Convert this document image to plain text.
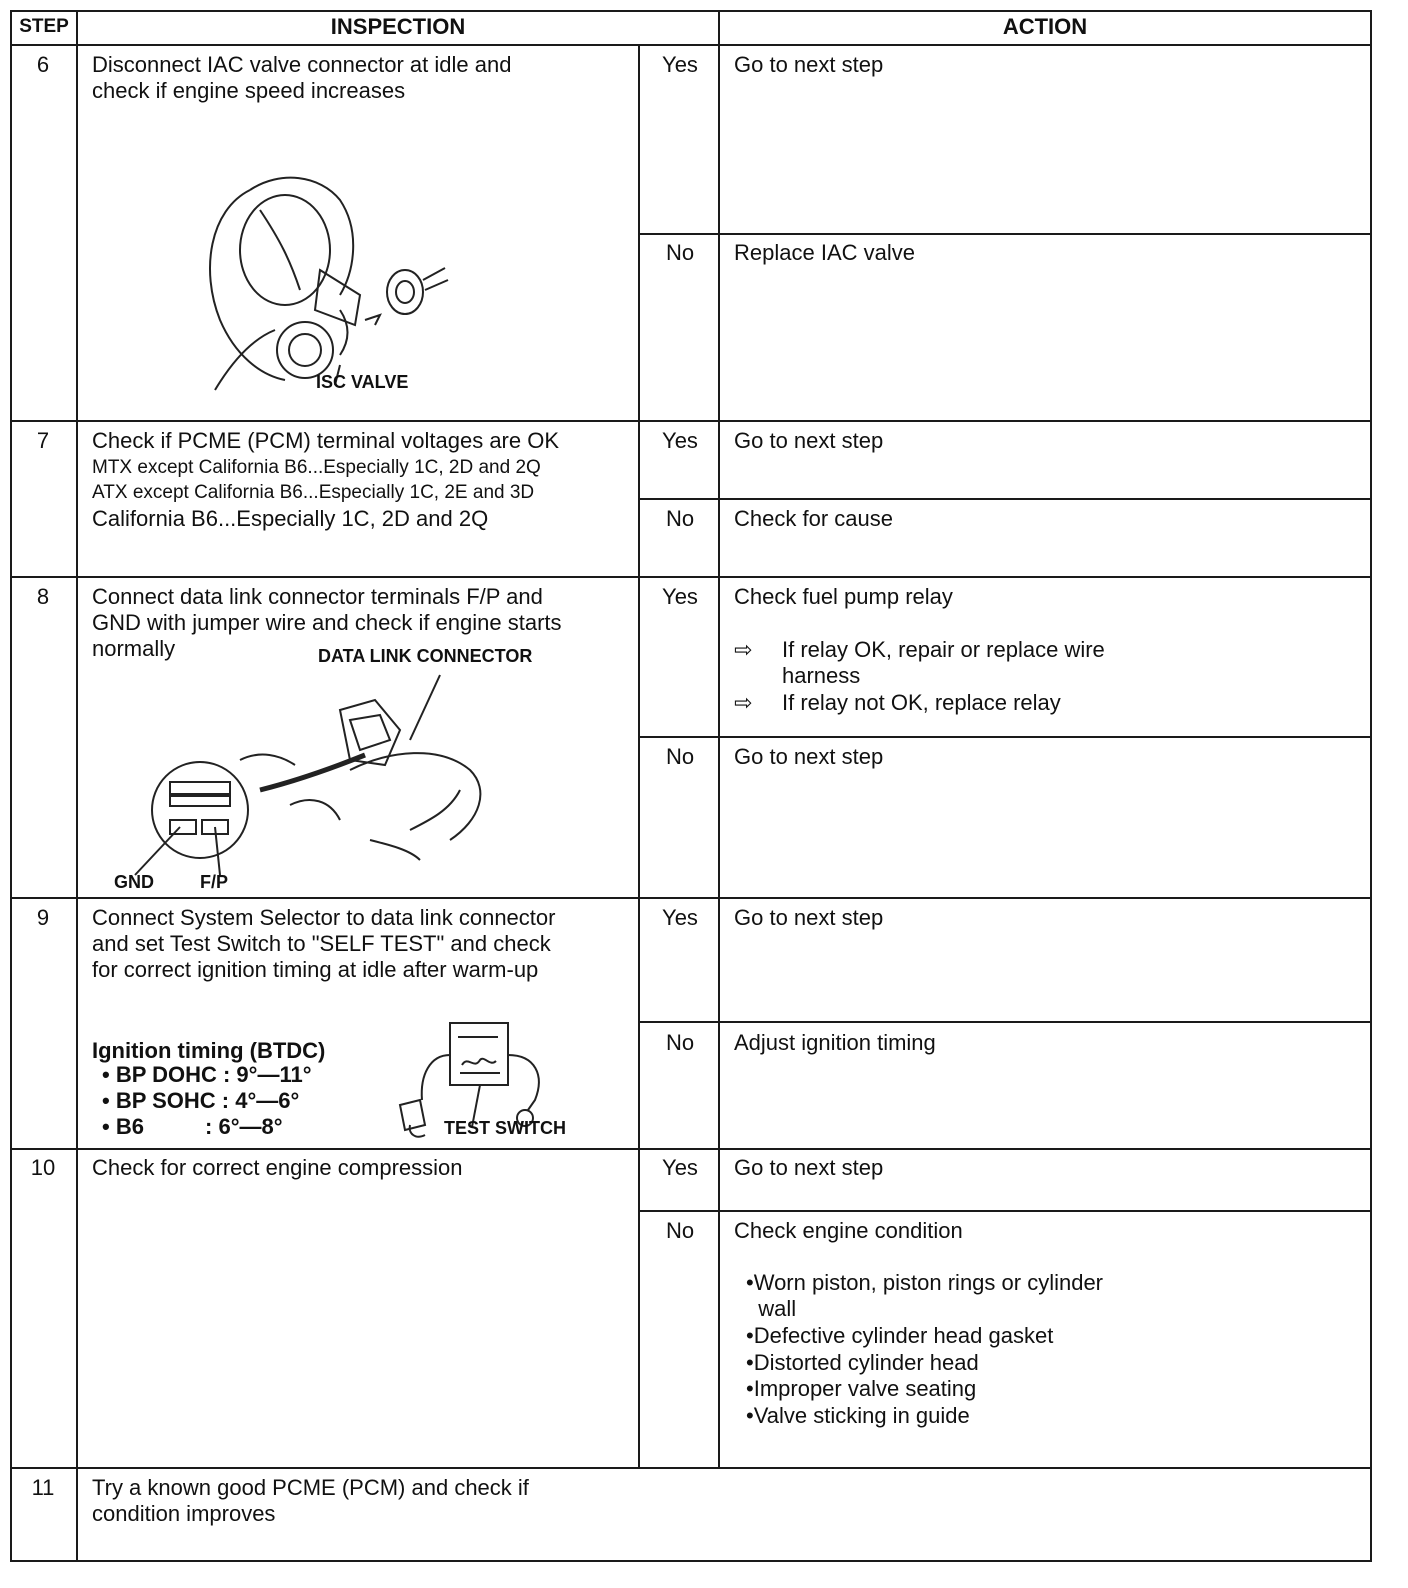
STEP	INSPECTION	ACTION
6	Disconnect IAC valve connector at idle and
check if engine speed increases
ISC VALVE
Yes	Go to next step
No	Replace IAC valve
7	Check if PCME (PCM) terminal voltages are OK
MTX except California B6...Especially 1C, 2D and 2Q
ATX except California B6...Especially 1C, 2E and 3D
California B6...Especially 1C, 2D and 2Q
Yes	Go to next step
No	Check for cause
8	Connect data link connector terminals F/P and
GND with jumper wire and check if engine starts
normally	DATA LINK CONNECTOR
GND	F/P
Yes	Check fuel pump relay
⇨	If relay OK, repair or replace wire
harness
⇨	If relay not OK, replace relay
No	Go to next step
9	Connect System Selector to data link connector
and set Test Switch to "SELF TEST" and check
for correct ignition timing at idle after warm-up
Ignition timing (BTDC)
• BP DOHC : 9°—11°
• BP SOHC : 4°—6°
• B6          : 6°—8°	TEST SWITCH
Yes	Go to next step
No	Adjust ignition timing
10	Check for correct engine compression	Yes	Go to next step
No	Check engine condition
•Worn piston, piston rings or cylinder
wall
•Defective cylinder head gasket
•Distorted cylinder head
•Improper valve seating
•Valve sticking in guide
11	Try a known good PCME (PCM) and check if
condition improves
